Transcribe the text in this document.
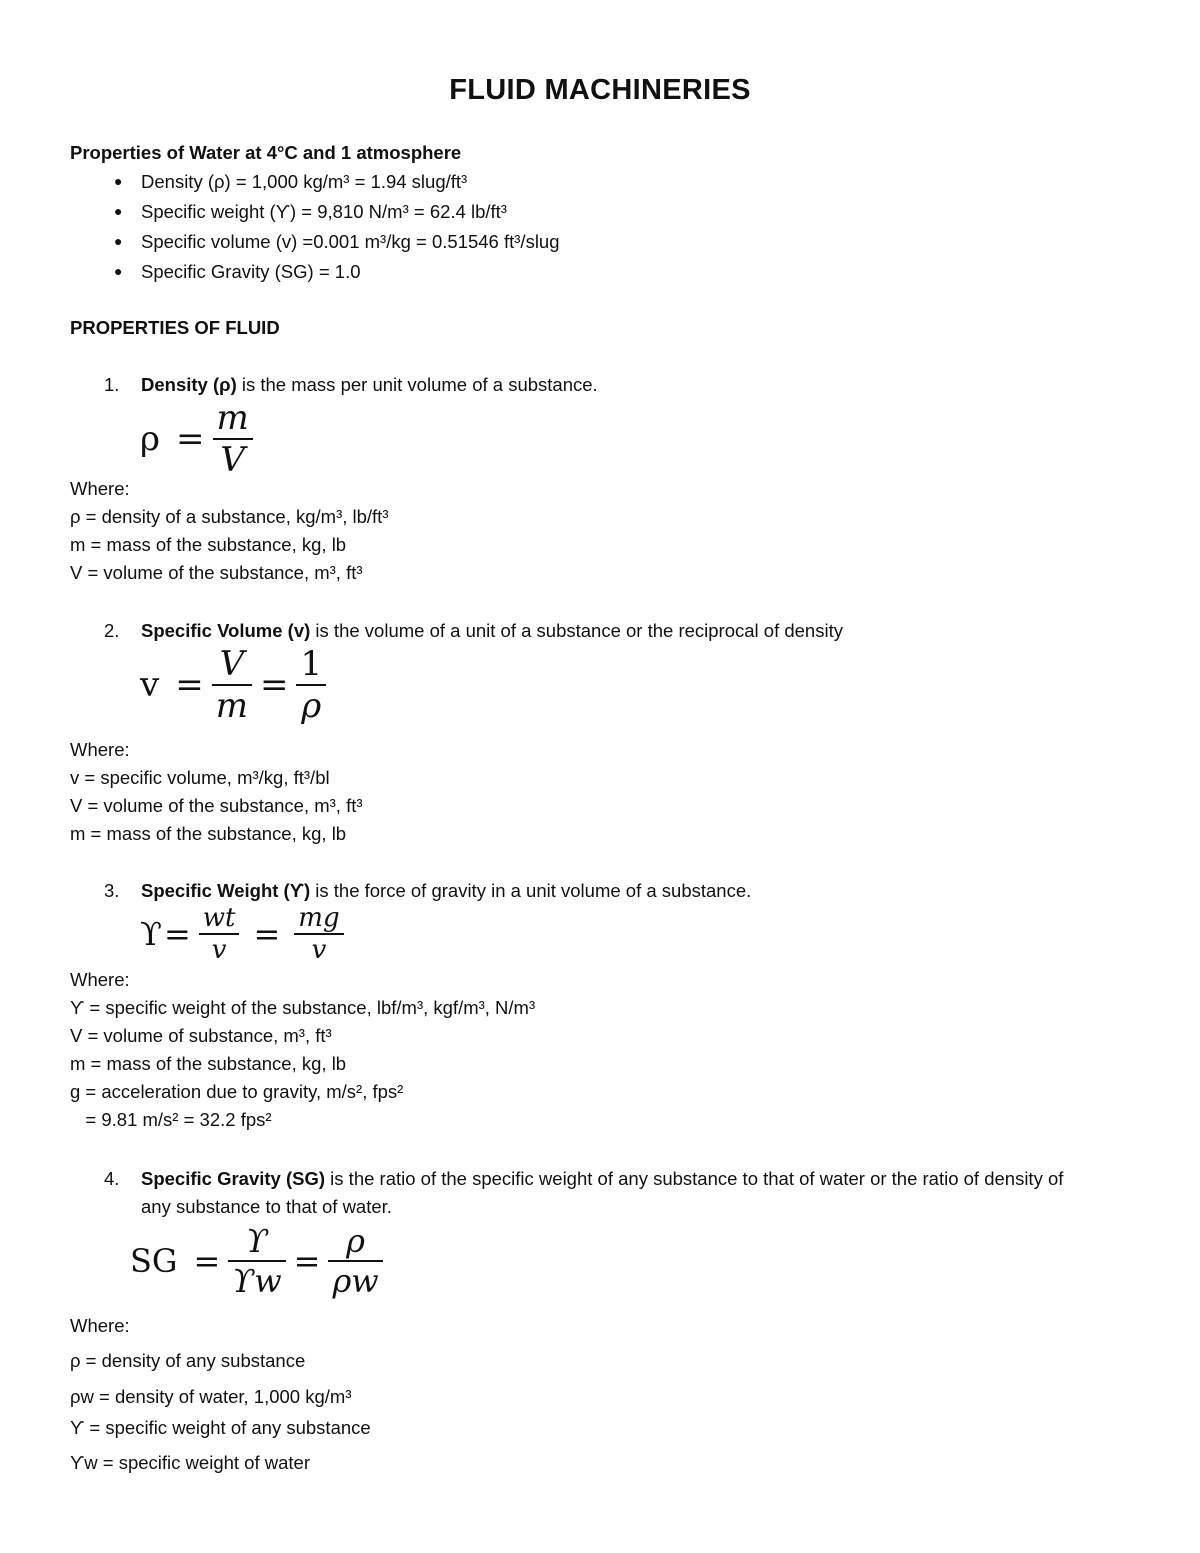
FLUID MACHINERIES
Properties of Water at 4°C and 1 atmosphere
● Density (ρ) = 1,000 kg/m³ = 1.94 slug/ft³
● Specific weight (ϒ) = 9,810 N/m³ = 62.4 lb/ft³
● Specific volume (v) =0.001 m³/kg = 0.51546 ft³/slug
● Specific Gravity (SG) = 1.0
PROPERTIES OF FLUID
1. Density (ρ) is the mass per unit volume of a substance.
$\rho = \frac{m}{V}$
Where:
ρ = density of a substance, kg/m³, lb/ft³
m = mass of the substance, kg, lb
V = volume of the substance, m³, ft³
2. Specific Volume (v) is the volume of a unit of a substance or the reciprocal of density
$v = \frac{V}{m} = \frac{1}{\rho}$
Where:
v = specific volume, m³/kg, ft³/bl
V = volume of the substance, m³, ft³
m = mass of the substance, kg, lb
3. Specific Weight (ϒ) is the force of gravity in a unit volume of a substance.
$ϒ= \frac{wt}{v} = \frac{mg}{v}$
Where:
ϒ = specific weight of the substance, lbf/m³, kgf/m³, N/m³
V = volume of substance, m³, ft³
m = mass of the substance, kg, lb
g = acceleration due to gravity, m/s², fps²
= 9.81 m/s² = 32.2 fps²
4. Specific Gravity (SG) is the ratio of the specific weight of any substance to that of water or the ratio of density of
any substance to that of water.
SG = $\frac{ϒ}{ϒw} = \frac{\rho}{\rho w}$
Where:
ρ = density of any substance
ρw = density of water, 1,000 kg/m³
ϒ = specific weight of any substance
ϒw = specific weight of water
